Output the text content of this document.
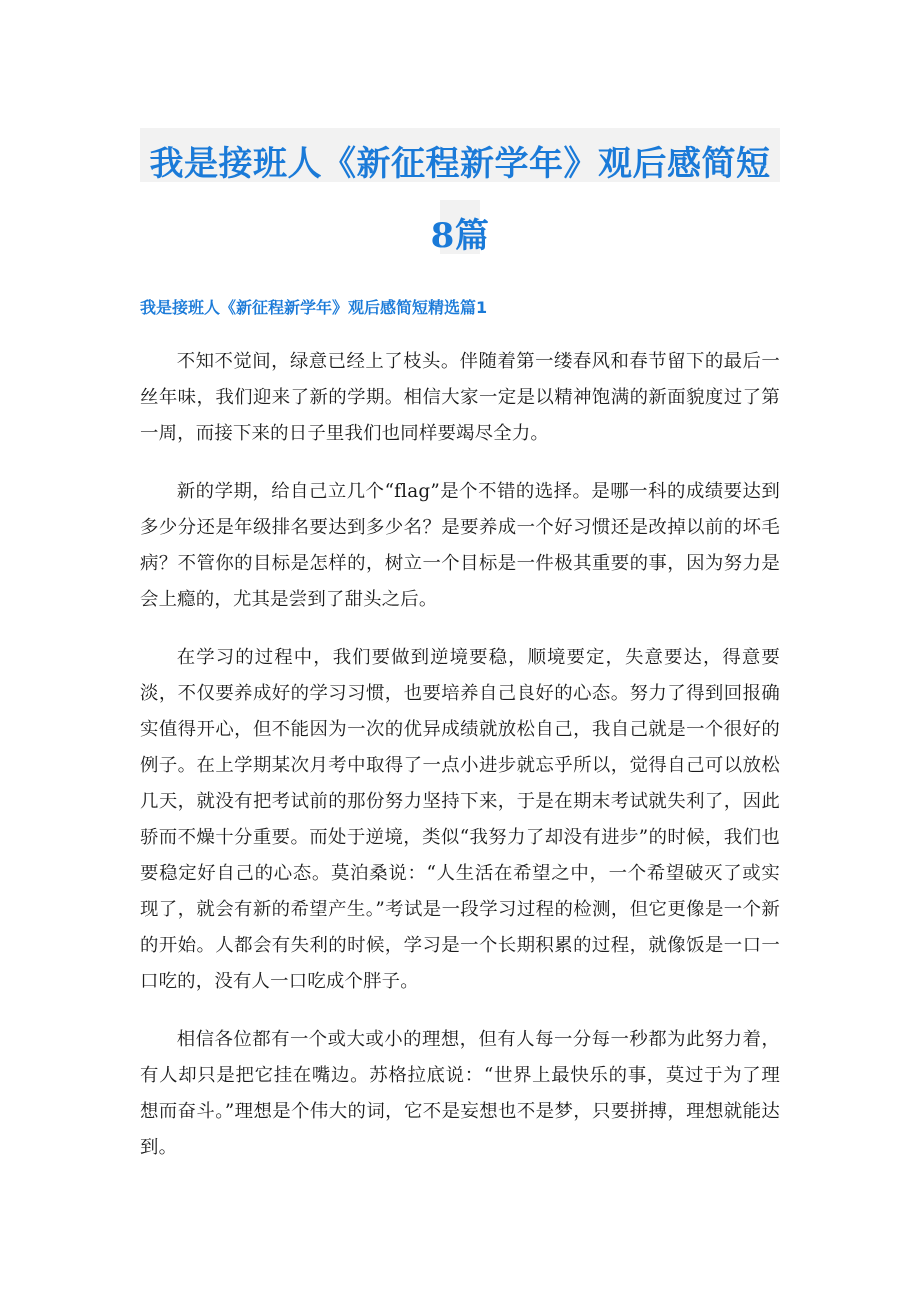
我是接班人《新征程新学年》观后感简短8篇
我是接班人《新征程新学年》观后感简短精选篇1

不知不觉间，绿意已经上了枝头。伴随着第一缕春风和春节留下的最后一丝年味，我们迎来了新的学期。相信大家一定是以精神饱满的新面貌度过了第一周，而接下来的日子里我们也同样要竭尽全力。

新的学期，给自己立几个“flag”是个不错的选择。是哪一科的成绩要达到多少分还是年级排名要达到多少名？是要养成一个好习惯还是改掉以前的坏毛病？不管你的目标是怎样的，树立一个目标是一件极其重要的事，因为努力是会上瘾的，尤其是尝到了甜头之后。

在学习的过程中，我们要做到逆境要稳，顺境要定，失意要达，得意要淡，不仅要养成好的学习习惯，也要培养自己良好的心态。努力了得到回报确实值得开心，但不能因为一次的优异成绩就放松自己，我自己就是一个很好的例子。在上学期某次月考中取得了一点小进步就忘乎所以，觉得自己可以放松几天，就没有把考试前的那份努力坚持下来，于是在期末考试就失利了，因此骄而不燥十分重要。而处于逆境，类似“我努力了却没有进步”的时候，我们也要稳定好自己的心态。莫泊桑说：“人生活在希望之中，一个希望破灭了或实现了，就会有新的希望产生。”考试是一段学习过程的检测，但它更像是一个新的开始。人都会有失利的时候，学习是一个长期积累的过程，就像饭是一口一口吃的，没有人一口吃成个胖子。

相信各位都有一个或大或小的理想，但有人每一分每一秒都为此努力着，有人却只是把它挂在嘴边。苏格拉底说：“世界上最快乐的事，莫过于为了理想而奋斗。”理想是个伟大的词，它不是妄想也不是梦，只要拼搏，理想就能达到。
